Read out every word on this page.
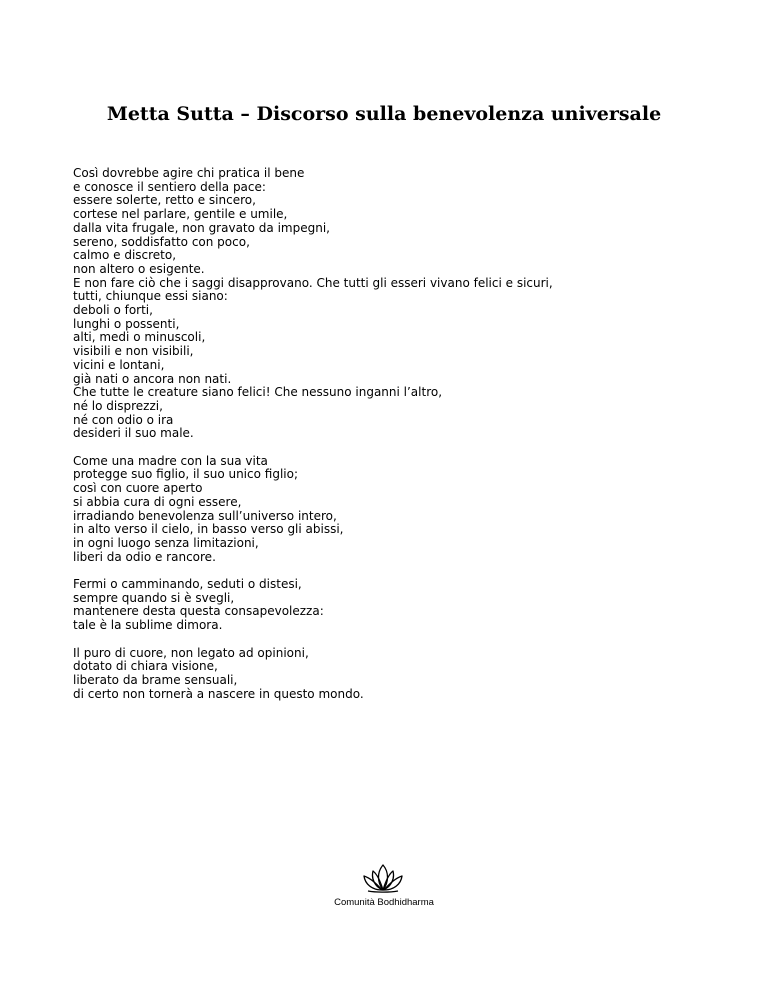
Metta Sutta – Discorso sulla benevolenza universale

Così dovrebbe agire chi pratica il bene
e conosce il sentiero della pace:
essere solerte, retto e sincero,
cortese nel parlare, gentile e umile,
dalla vita frugale, non gravato da impegni,
sereno, soddisfatto con poco,
calmo e discreto,
non altero o esigente.
E non fare ciò che i saggi disapprovano. Che tutti gli esseri vivano felici e sicuri,
tutti, chiunque essi siano:
deboli o forti,
lunghi o possenti,
alti, medi o minuscoli,
visibili e non visibili,
vicini e lontani,
già nati o ancora non nati.
Che tutte le creature siano felici! Che nessuno inganni l’altro,
né lo disprezzi,
né con odio o ira
desideri il suo male.

Come una madre con la sua vita
protegge suo figlio, il suo unico figlio;
così con cuore aperto
si abbia cura di ogni essere,
irradiando benevolenza sull’universo intero,
in alto verso il cielo, in basso verso gli abissi,
in ogni luogo senza limitazioni,
liberi da odio e rancore.

Fermi o camminando, seduti o distesi,
sempre quando si è svegli,
mantenere desta questa consapevolezza:
tale è la sublime dimora.

Il puro di cuore, non legato ad opinioni,
dotato di chiara visione,
liberato da brame sensuali,
di certo non tornerà a nascere in questo mondo.

Comunità Bodhidharma
